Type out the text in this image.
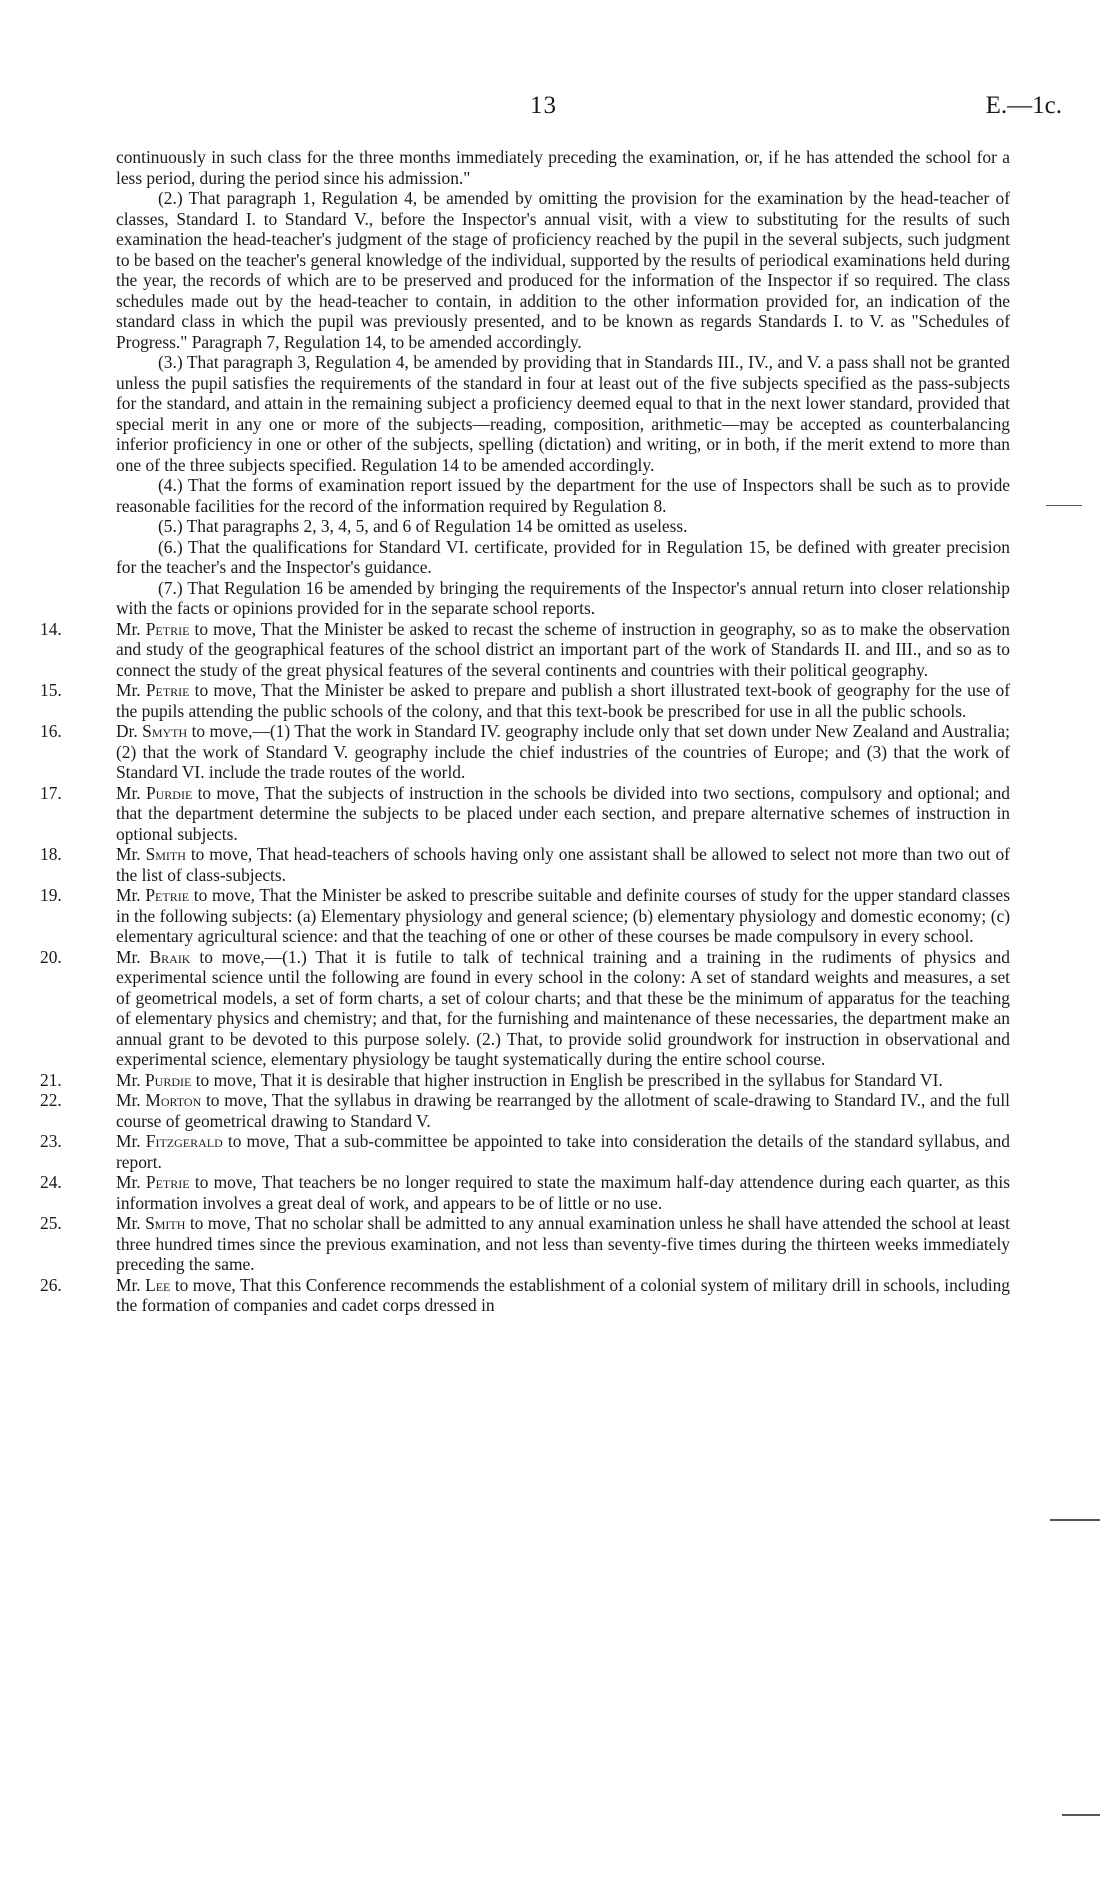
13	E.—1c.

continuously in such class for the three months immediately preceding the examination, or, if he has attended the school for a less period, during the period since his admission."

(2.) That paragraph 1, Regulation 4, be amended by omitting the provision for the examination by the head-teacher of classes, Standard I. to Standard V., before the Inspector's annual visit, with a view to substituting for the results of such examination the head-teacher's judgment of the stage of proficiency reached by the pupil in the several subjects, such judgment to be based on the teacher's general knowledge of the individual, supported by the results of periodical examinations held during the year, the records of which are to be preserved and produced for the information of the Inspector if so required. The class schedules made out by the head-teacher to contain, in addition to the other information provided for, an indication of the standard class in which the pupil was previously presented, and to be known as regards Standards I. to V. as "Schedules of Progress." Paragraph 7, Regulation 14, to be amended accordingly.

(3.) That paragraph 3, Regulation 4, be amended by providing that in Standards III., IV., and V. a pass shall not be granted unless the pupil satisfies the requirements of the standard in four at least out of the five subjects specified as the pass-subjects for the standard, and attain in the remaining subject a proficiency deemed equal to that in the next lower standard, provided that special merit in any one or more of the subjects—reading, composition, arithmetic—may be accepted as counterbalancing inferior proficiency in one or other of the subjects, spelling (dictation) and writing, or in both, if the merit extend to more than one of the three subjects specified. Regulation 14 to be amended accordingly.

(4.) That the forms of examination report issued by the department for the use of Inspectors shall be such as to provide reasonable facilities for the record of the information required by Regulation 8.

(5.) That paragraphs 2, 3, 4, 5, and 6 of Regulation 14 be omitted as useless.

(6.) That the qualifications for Standard VI. certificate, provided for in Regulation 15, be defined with greater precision for the teacher's and the Inspector's guidance.

(7.) That Regulation 16 be amended by bringing the requirements of the Inspector's annual return into closer relationship with the facts or opinions provided for in the separate school reports.

14.	Mr. Petrie to move, That the Minister be asked to recast the scheme of instruction in geography, so as to make the observation and study of the geographical features of the school district an important part of the work of Standards II. and III., and so as to connect the study of the great physical features of the several continents and countries with their political geography.

15.	Mr. Petrie to move, That the Minister be asked to prepare and publish a short illustrated text-book of geography for the use of the pupils attending the public schools of the colony, and that this text-book be prescribed for use in all the public schools.

16.	Dr. Smyth to move,—(1) That the work in Standard IV. geography include only that set down under New Zealand and Australia; (2) that the work of Standard V. geography include the chief industries of the countries of Europe; and (3) that the work of Standard VI. include the trade routes of the world.

17.	Mr. Purdie to move, That the subjects of instruction in the schools be divided into two sections, compulsory and optional; and that the department determine the subjects to be placed under each section, and prepare alternative schemes of instruction in optional subjects.

18.	Mr. Smith to move, That head-teachers of schools having only one assistant shall be allowed to select not more than two out of the list of class-subjects.

19.	Mr. Petrie to move, That the Minister be asked to prescribe suitable and definite courses of study for the upper standard classes in the following subjects: (a) Elementary physiology and general science; (b) elementary physiology and domestic economy; (c) elementary agricultural science: and that the teaching of one or other of these courses be made compulsory in every school.

20.	Mr. Braik to move,—(1.) That it is futile to talk of technical training and a training in the rudiments of physics and experimental science until the following are found in every school in the colony: A set of standard weights and measures, a set of geometrical models, a set of form charts, a set of colour charts; and that these be the minimum of apparatus for the teaching of elementary physics and chemistry; and that, for the furnishing and maintenance of these necessaries, the department make an annual grant to be devoted to this purpose solely. (2.) That, to provide solid groundwork for instruction in observational and experimental science, elementary physiology be taught systematically during the entire school course.

21.	Mr. Purdie to move, That it is desirable that higher instruction in English be prescribed in the syllabus for Standard VI.

22.	Mr. Morton to move, That the syllabus in drawing be rearranged by the allotment of scale-drawing to Standard IV., and the full course of geometrical drawing to Standard V.

23.	Mr. Fitzgerald to move, That a sub-committee be appointed to take into consideration the details of the standard syllabus, and report.

24.	Mr. Petrie to move, That teachers be no longer required to state the maximum half-day attendence during each quarter, as this information involves a great deal of work, and appears to be of little or no use.

25.	Mr. Smith to move, That no scholar shall be admitted to any annual examination unless he shall have attended the school at least three hundred times since the previous examination, and not less than seventy-five times during the thirteen weeks immediately preceding the same.

26.	Mr. Lee to move, That this Conference recommends the establishment of a colonial system of military drill in schools, including the formation of companies and cadet corps dressed in
